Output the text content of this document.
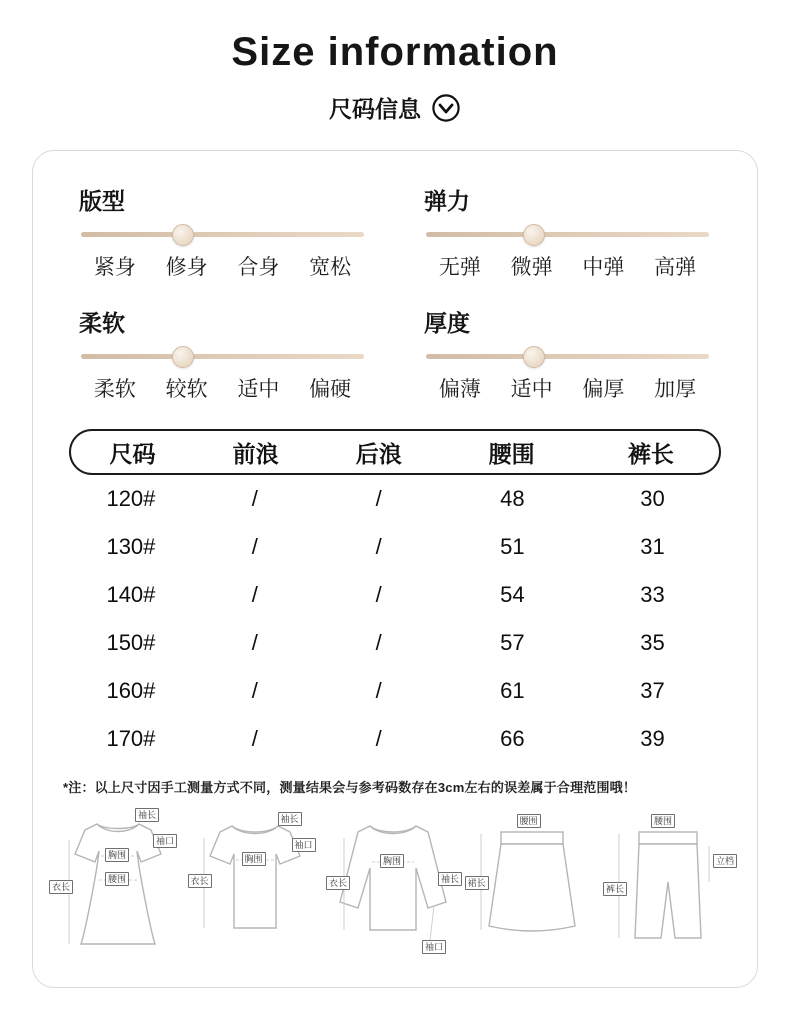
Size information
尺码信息
版型
紧身	修身	合身	宽松
弹力
无弹	微弹	中弹	高弹
柔软
柔软	较软	适中	偏硬
厚度
偏薄	适中	偏厚	加厚
尺码	前浪	后浪	腰围	裤长
120#	/	/	48	30
130#	/	/	51	31
140#	/	/	54	33
150#	/	/	57	35
160#	/	/	61	37
170#	/	/	66	39

*注：以上尺寸因手工测量方式不同，测量结果会与参考码数存在3cm左右的误差属于合理范围哦！

袖长
袖口
胸围
腰围
衣长
袖长
袖口
胸围
衣长
胸围
衣长	袖长
袖口
腰围
裙长
腰围
立档
裤长
